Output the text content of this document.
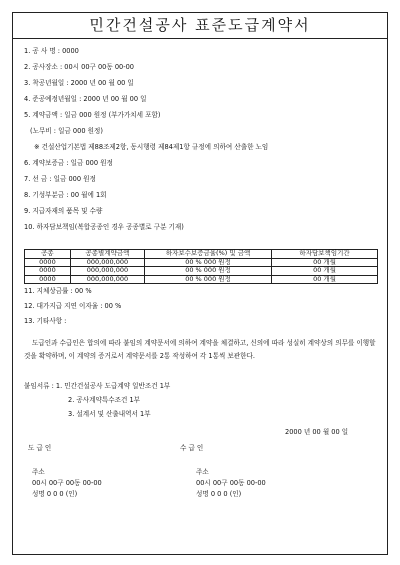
민간건설공사 표준도급계약서
1. 공 사 명 : 0000
2. 공사장소 : 00시 00구 00동 00-00
3. 착공년월일 : 2000 년 00 월 00 일
4. 준공예정년월일 : 2000 년 00 월 00 일
5. 계약금액 : 일금 000 원정 (부가가치세 포함)
(노무비 : 일금 000 원정)
※ 건설산업기본법 제88조제2항, 동시행령 제84제1항 규정에 의하여 산출한 노임
6. 계약보증금 : 일금 000 원정
7. 선 금 : 일금 000 원정
8. 기성부분금 : 00 월에 1회
9. 지급자재의 품목 및 수량
10. 하자담보책임(복합공종인 경우 공종별로 구분 기재)
공종	공종별계약금액	하자보수보증금율(%) 및 금액	하자담보책임기간
0000	000,000,000	00 % 000 원정	00 개월
0000	000,000,000	00 % 000 원정	00 개월
0000	000,000,000	00 % 000 원정	00 개월
11. 지체상금률 : 00 %
12. 대가지급 지연 이자율 : 00 %
13. 기타사항 :
도급인과 수급인은 합의에 따라 붙임의 계약문서에 의하여 계약을 체결하고, 신의에 따라 성실히 계약상의 의무를 이행할 것을 확약하며, 이 계약의 증거로서 계약문서를 2통 작성하여 각 1통씩 보관한다.
붙임서류 : 1. 민간건설공사 도급계약 일반조건 1부
2. 공사계약특수조건 1부
3. 설계서 및 산출내역서 1부
2000 년 00 월 00 일
도 급 인	수 급 인
주소
00시 00구 00동 00-00
성명 0 0 0 (인)
주소
00시 00구 00동 00-00
성명 0 0 0 (인)
